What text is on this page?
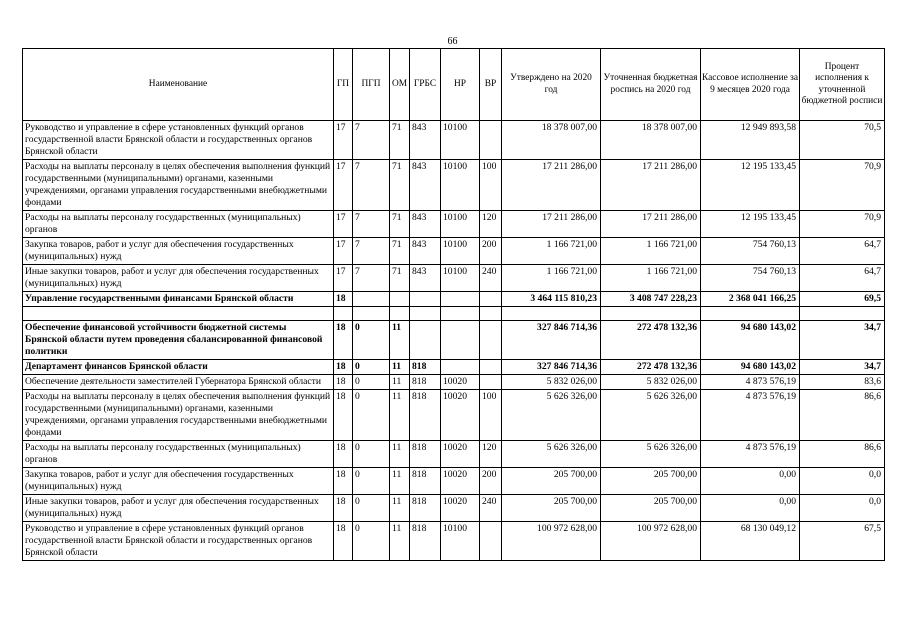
66
Наименование	ГП	ПГП	ОМ	ГРБС	НР	ВР	Утверждено на 2020 год	Уточненная бюджетная роспись на 2020 год	Кассовое исполнение за 9 месяцев 2020 года	Процент исполнения к уточненной бюджетной росписи
Руководство и управление в сфере установленных функций органов государственной власти Брянской области и государственных органов Брянской области	17	7	71	843	10100		18 378 007,00	18 378 007,00	12 949 893,58	70,5
Расходы на выплаты персоналу в целях обеспечения выполнения функций государственными (муниципальными) органами, казенными учреждениями, органами управления государственными внебюджетными фондами	17	7	71	843	10100	100	17 211 286,00	17 211 286,00	12 195 133,45	70,9
Расходы на выплаты персоналу государственных (муниципальных) органов	17	7	71	843	10100	120	17 211 286,00	17 211 286,00	12 195 133,45	70,9
Закупка товаров, работ и услуг для обеспечения государственных (муниципальных) нужд	17	7	71	843	10100	200	1 166 721,00	1 166 721,00	754 760,13	64,7
Иные закупки товаров, работ и услуг для обеспечения государственных (муниципальных) нужд	17	7	71	843	10100	240	1 166 721,00	1 166 721,00	754 760,13	64,7
Управление государственными финансами Брянской области	18						3 464 115 810,23	3 408 747 228,23	2 368 041 166,25	69,5

Обеспечение финансовой устойчивости бюджетной системы Брянской области путем проведения сбалансированной финансовой политики	18	0	11				327 846 714,36	272 478 132,36	94 680 143,02	34,7
Департамент финансов Брянской области	18	0	11	818			327 846 714,36	272 478 132,36	94 680 143,02	34,7
Обеспечение деятельности заместителей Губернатора Брянской области	18	0	11	818	10020		5 832 026,00	5 832 026,00	4 873 576,19	83,6
Расходы на выплаты персоналу в целях обеспечения выполнения функций государственными (муниципальными) органами, казенными учреждениями, органами управления государственными внебюджетными фондами	18	0	11	818	10020	100	5 626 326,00	5 626 326,00	4 873 576,19	86,6
Расходы на выплаты персоналу государственных (муниципальных) органов	18	0	11	818	10020	120	5 626 326,00	5 626 326,00	4 873 576,19	86,6
Закупка товаров, работ и услуг для обеспечения государственных (муниципальных) нужд	18	0	11	818	10020	200	205 700,00	205 700,00	0,00	0,0
Иные закупки товаров, работ и услуг для обеспечения государственных (муниципальных) нужд	18	0	11	818	10020	240	205 700,00	205 700,00	0,00	0,0
Руководство и управление в сфере установленных функций органов государственной власти Брянской области и государственных органов Брянской области	18	0	11	818	10100		100 972 628,00	100 972 628,00	68 130 049,12	67,5
